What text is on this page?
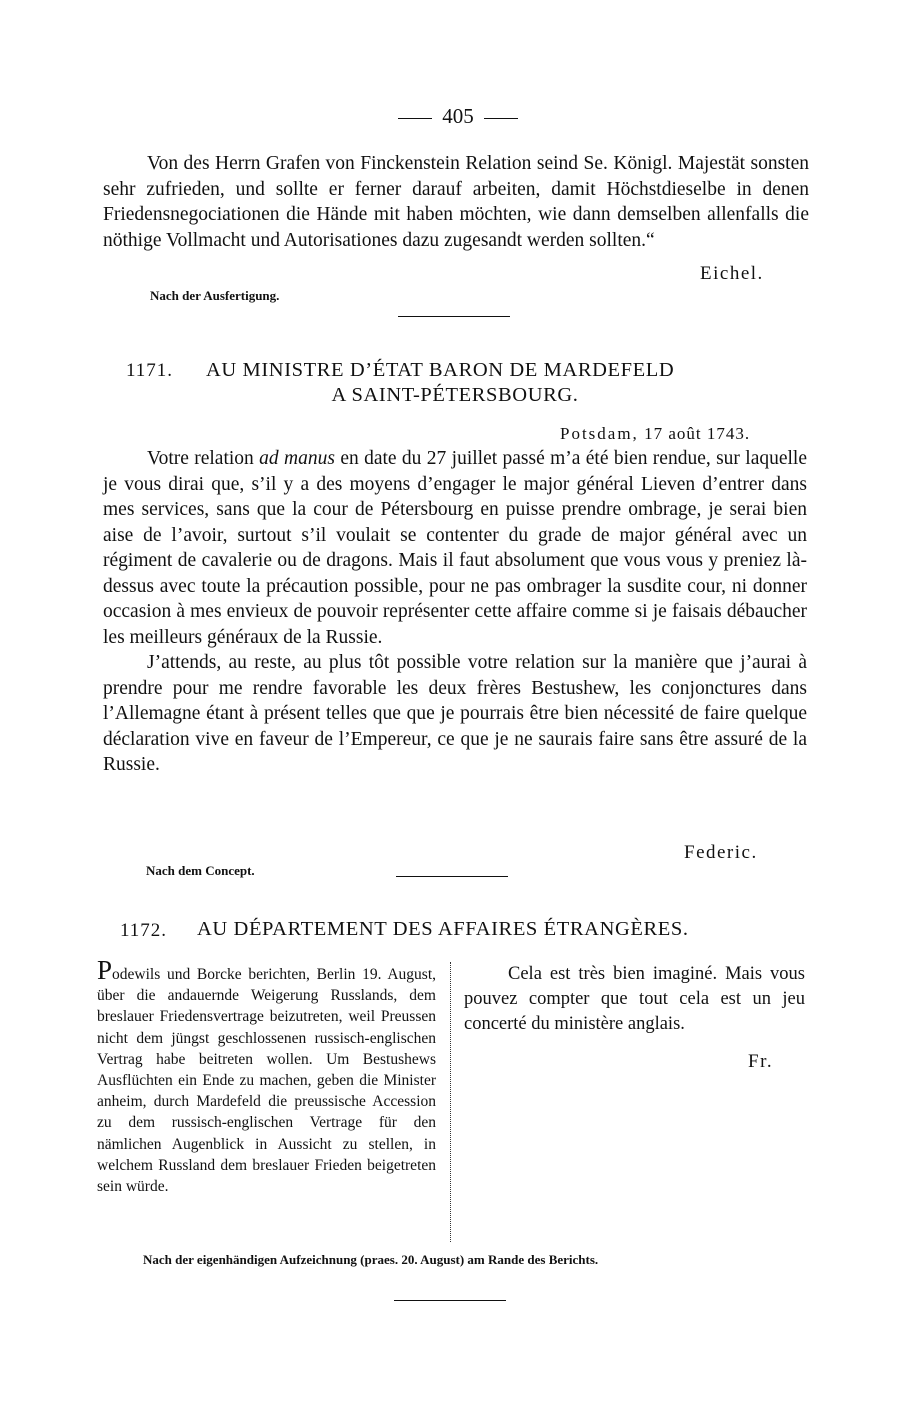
405

Von des Herrn Grafen von Finckenstein Relation seind Se. Königl. Majestät sonsten sehr zufrieden, und sollte er ferner darauf arbeiten, damit Höchstdieselbe in denen Friedensnegociationen die Hände mit haben möchten, wie dann demselben allenfalls die nöthige Vollmacht und Autorisationes dazu zugesandt werden sollten.“

Eichel.
Nach der Ausfertigung.
1171. AU MINISTRE D’ÉTAT BARON DE MARDEFELD
A SAINT-PÉTERSBOURG.
Potsdam, 17 août 1743.

Votre relation ad manus en date du 27 juillet passé m’a été bien rendue, sur laquelle je vous dirai que, s’il y a des moyens d’engager le major général Lieven d’entrer dans mes services, sans que la cour de Pétersbourg en puisse prendre ombrage, je serai bien aise de l’avoir, surtout s’il voulait se contenter du grade de major général avec un régiment de cavalerie ou de dragons. Mais il faut absolument que vous vous y preniez là-dessus avec toute la précaution possible, pour ne pas ombrager la susdite cour, ni donner occasion à mes envieux de pouvoir représenter cette affaire comme si je faisais débaucher les meilleurs généraux de la Russie.

J’attends, au reste, au plus tôt possible votre relation sur la manière que j’aurai à prendre pour me rendre favorable les deux frères Bestushew, les conjonctures dans l’Allemagne étant à présent telles que que je pourrais être bien nécessité de faire quelque déclaration vive en faveur de l’Empereur, ce que je ne saurais faire sans être assuré de la Russie.

Federic.
Nach dem Concept.
1172. AU DÉPARTEMENT DES AFFAIRES ÉTRANGÈRES.

Podewils und Borcke berichten, Berlin 19. August, über die andauernde Weigerung Russlands, dem breslauer Friedensvertrage beizutreten, weil Preussen nicht dem jüngst geschlossenen russisch-englischen Vertrag habe beitreten wollen. Um Bestushews Ausflüchten ein Ende zu machen, geben die Minister anheim, durch Mardefeld die preussische Accession zu dem russisch-englischen Vertrage für den nämlichen Augenblick in Aussicht zu stellen, in welchem Russland dem breslauer Frieden beigetreten sein würde.

Cela est très bien imaginé. Mais vous pouvez compter que tout cela est un jeu concerté du ministère anglais.

Fr.
Nach der eigenhändigen Aufzeichnung (praes. 20. August) am Rande des Berichts.
